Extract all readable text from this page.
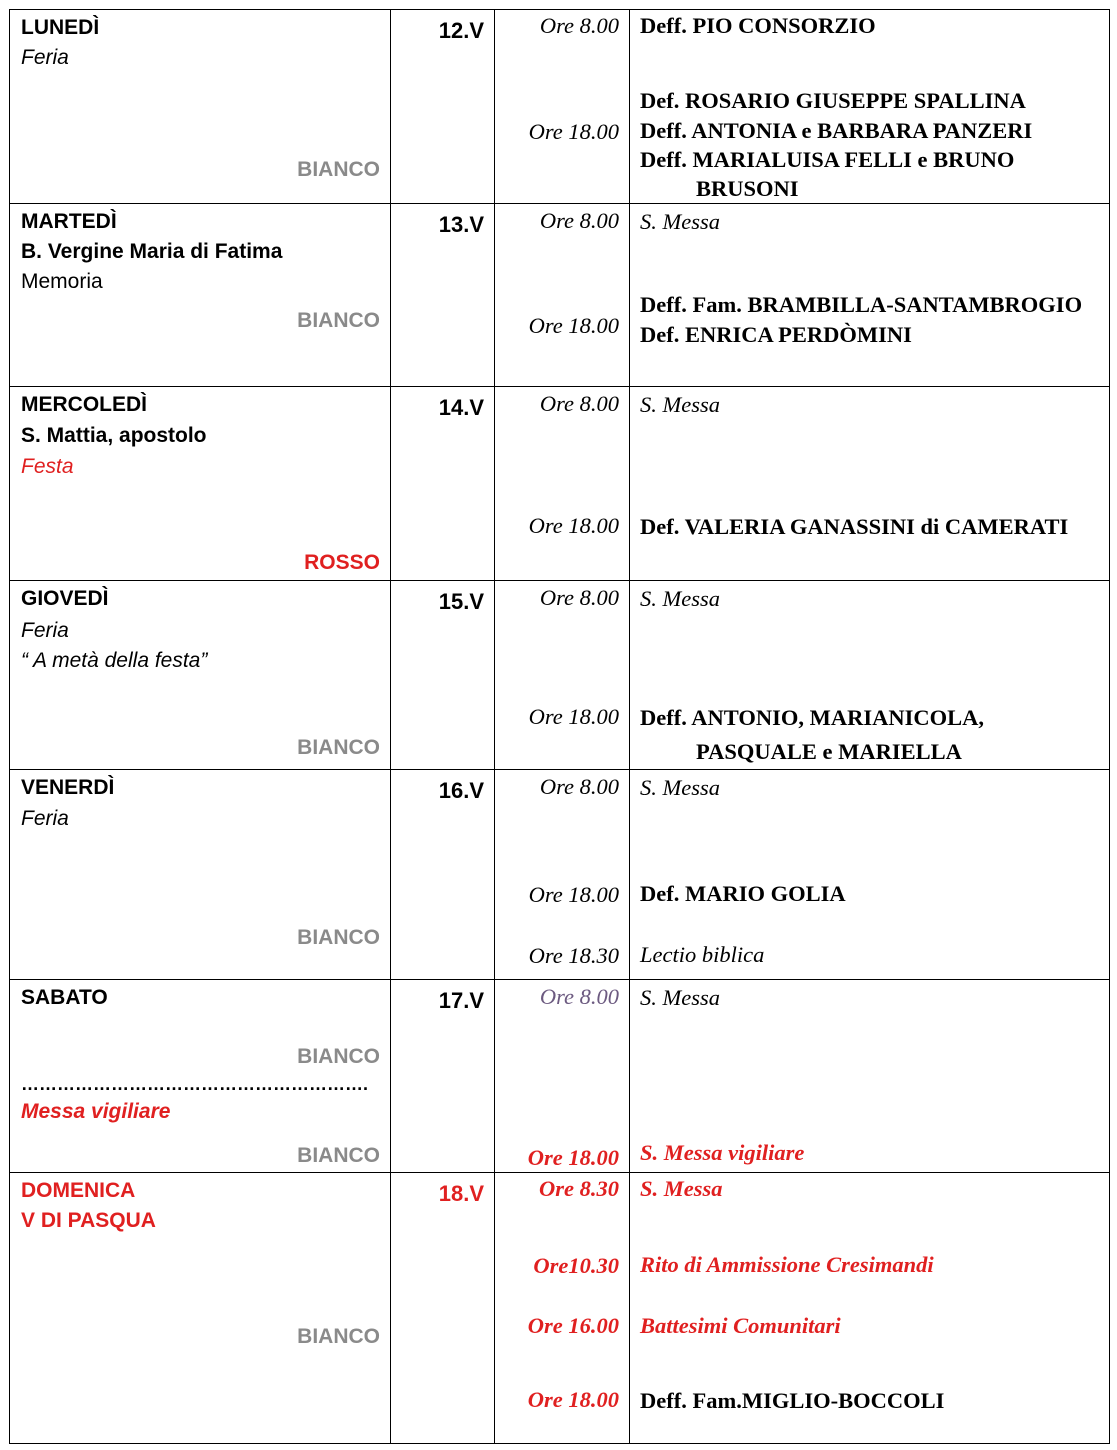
LUNEDÌ
Feria
BIANCO
12.V Ore 8.00
Ore 18.00
Deff. PIO CONSORZIO
Def. ROSARIO GIUSEPPE SPALLINA
Deff. ANTONIA e BARBARA PANZERI
Deff. MARIALUISA FELLI e BRUNO
BRUSONI
MARTEDÌ
B. Vergine Maria di Fatima
Memoria
BIANCO
13.V Ore 8.00
Ore 18.00
S. Messa
Deff. Fam. BRAMBILLA-SANTAMBROGIO
Def. ENRICA PERDÒMINI
MERCOLEDÌ
S. Mattia, apostolo
Festa
ROSSO
14.V Ore 8.00
Ore 18.00
S. Messa
Def. VALERIA GANASSINI di CAMERATI
GIOVEDÌ
Feria
“ A metà della festa”
BIANCO
15.V Ore 8.00
Ore 18.00
S. Messa
Deff. ANTONIO, MARIANICOLA,
PASQUALE e MARIELLA
VENERDÌ
Feria
BIANCO
16.V Ore 8.00
Ore 18.00
Ore 18.30
S. Messa
Def. MARIO GOLIA
Lectio biblica
SABATO
BIANCO
………………………………………………….
Messa vigiliare
BIANCO
17.V Ore 8.00
Ore 18.00
S. Messa
S. Messa vigiliare
DOMENICA
V DI PASQUA
BIANCO
18.V Ore 8.30
Ore10.30
Ore 16.00
Ore 18.00
S. Messa
Rito di Ammissione Cresimandi
Battesimi Comunitari
Deff. Fam.MIGLIO-BOCCOLI
